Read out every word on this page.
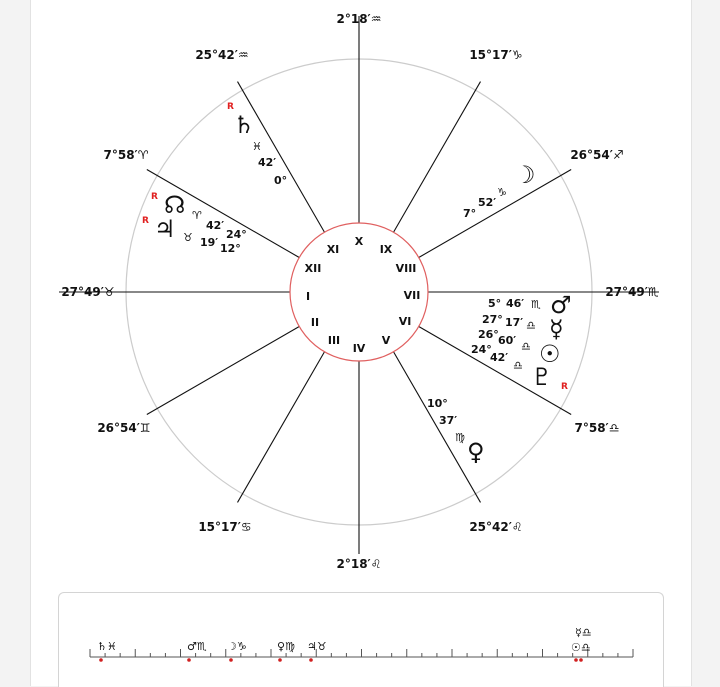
I
II
III
IV
V
VI
VII
VIII
IX
X
XI
XII
27°49′♉
26°54′♊
15°17′♋
2°18′♌
25°42′♌
7°58′♎
27°49′♏
26°54′♐
15°17′♑
2°18′♒
25°42′♒
7°58′♈
R
♄
♓
42′
0°
R ☊ ♈
42′
24°
R ♃ ♉ 19′ 12°
☽
♑
52′
7°
5° 46′ ♏ ♂
27° 17′ ♎ ☿
26° 60′ ♎ ☉
24°
42′
♎ ♇ R
10°
37′
♍
♀
♄♓	♂♏ ☽♑	♀♍ ♃♉
☿♎
☉♎
